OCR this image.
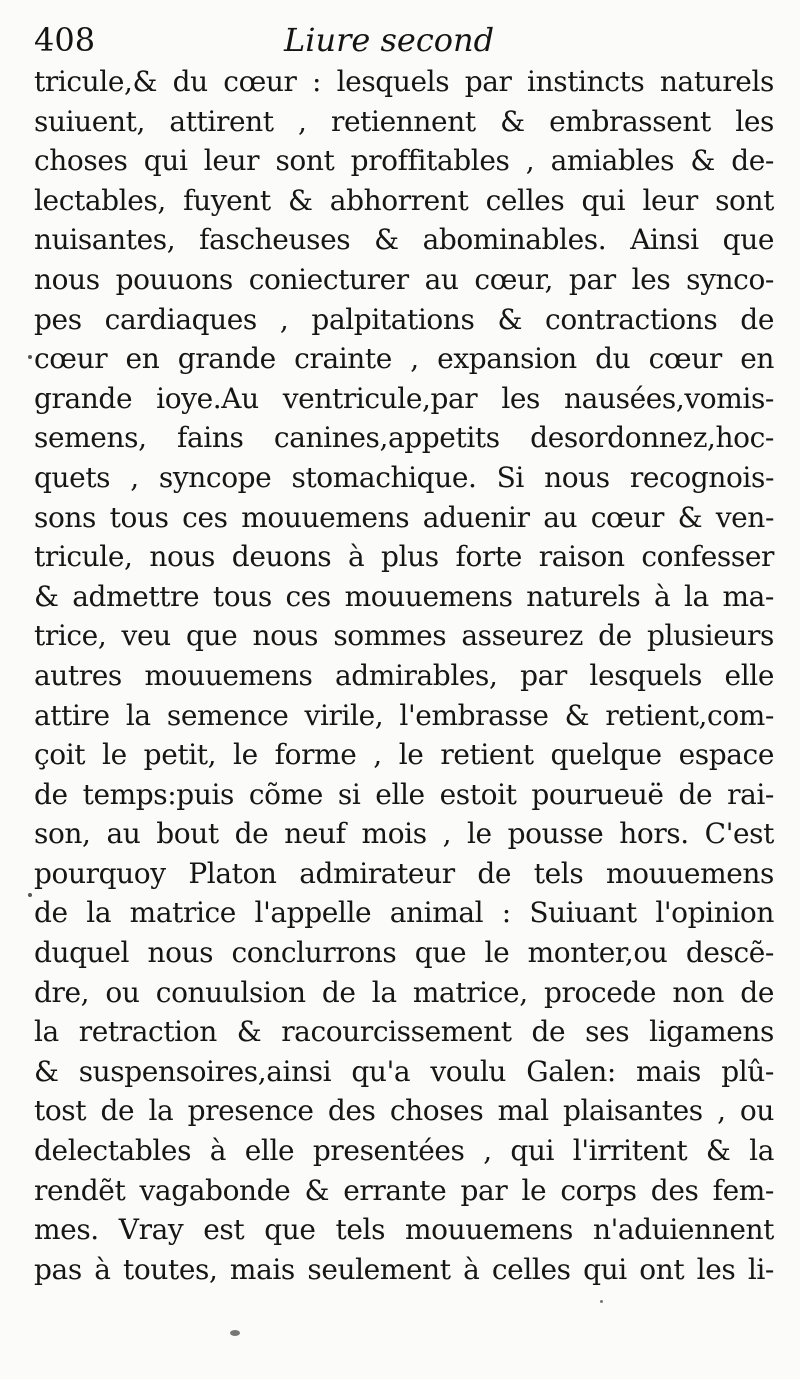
408	Liure second
tricule,& du cœur : lesquels par instincts naturels
suiuent, attirent , retiennent & embrassent les
choses qui leur sont proffitables , amiables & de-
lectables, fuyent & abhorrent celles qui leur sont
nuisantes, fascheuses & abominables. Ainsi que
nous pouuons coniecturer au cœur, par les synco-
pes cardiaques , palpitations & contractions de
cœur en grande crainte , expansion du cœur en
grande ioye.Au ventricule,par les nausées,vomis-
semens, fains canines,appetits desordonnez,hoc-
quets , syncope stomachique. Si nous recognois-
sons tous ces mouuemens aduenir au cœur & ven-
tricule, nous deuons à plus forte raison confesser
& admettre tous ces mouuemens naturels à la ma-
trice, veu que nous sommes asseurez de plusieurs
autres mouuemens admirables, par lesquels elle
attire la semence virile, l'embrasse & retient,com-
çoit le petit, le forme , le retient quelque espace
de temps:puis cõme si elle estoit pourueuë de rai-
son, au bout de neuf mois , le pousse hors. C'est
pourquoy Platon admirateur de tels mouuemens
de la matrice l'appelle animal : Suiuant l'opinion
duquel nous conclurrons que le monter,ou descẽ-
dre, ou conuulsion de la matrice, procede non de
la retraction & racourcissement de ses ligamens
& suspensoires,ainsi qu'a voulu Galen: mais plû-
tost de la presence des choses mal plaisantes , ou
delectables à elle presentées , qui l'irritent & la
rendẽt vagabonde & errante par le corps des fem-
mes. Vray est que tels mouuemens n'aduiennent
pas à toutes, mais seulement à celles qui ont les li-
